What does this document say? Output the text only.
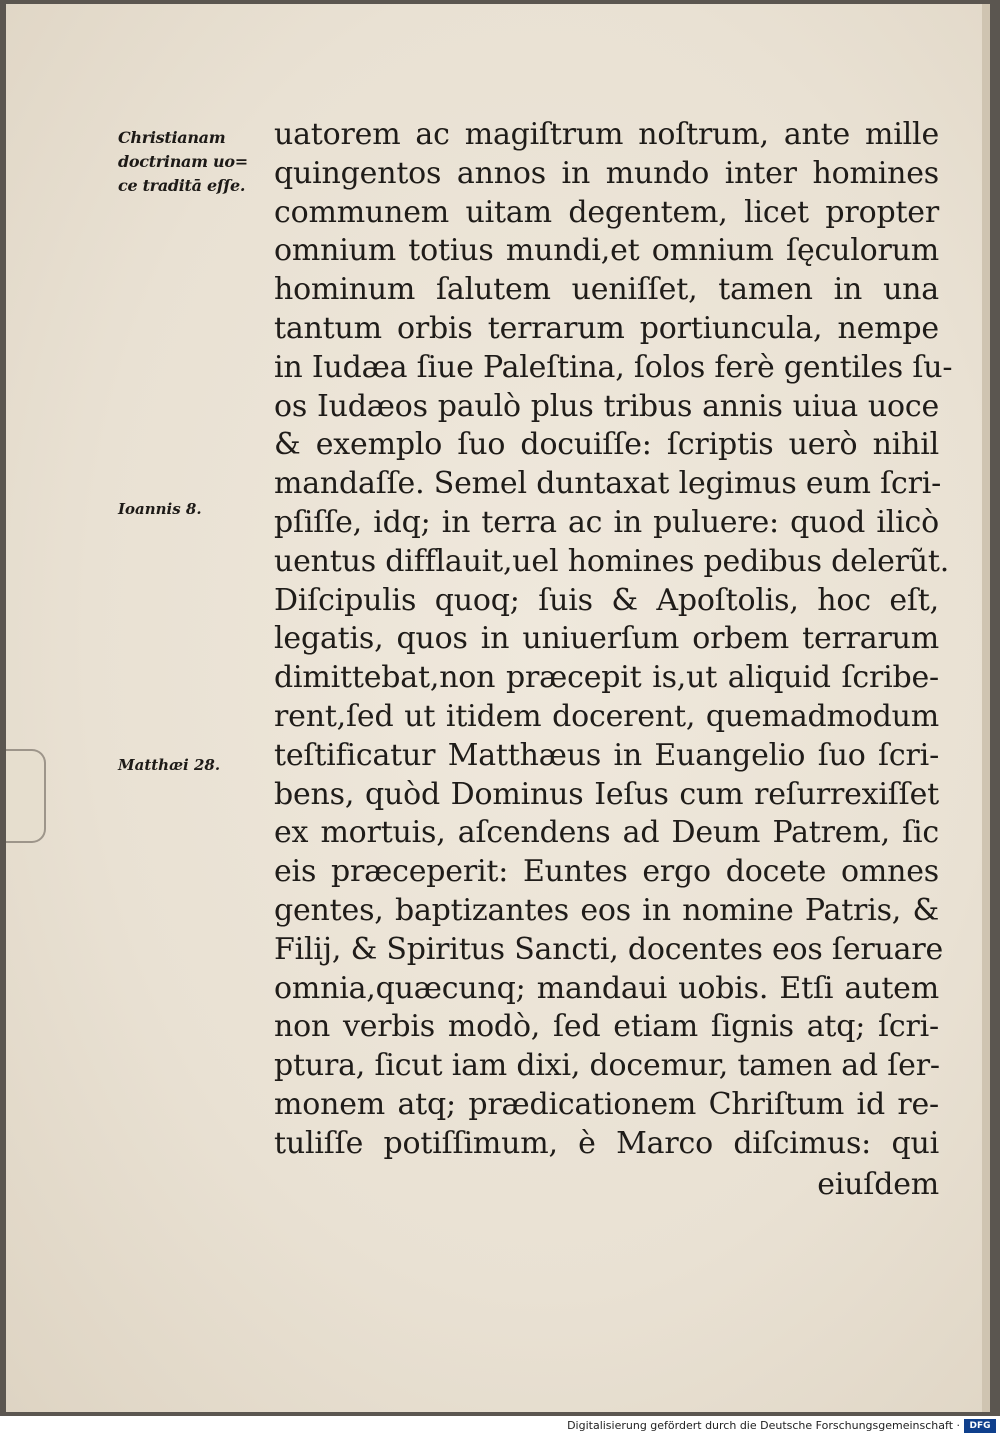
Christianam
doctrinam uo=
ce traditā eſſe.
Ioannis 8.
Matthæi 28.
uatorem ac magiſtrum noſtrum, ante mille
quingentos annos in mundo inter homines
communem uitam degentem, licet propter
omnium totius mundi,et omnium ſęculorum
hominum ſalutem ueniſſet, tamen in una
tantum orbis terrarum portiuncula, nempe
in Iudæa ſiue Paleſtina, ſolos ferè gentiles ſu-
os Iudæos paulò plus tribus annis uiua uoce
& exemplo ſuo docuiſſe: ſcriptis uerò nihil
mandaſſe. Semel duntaxat legimus eum ſcri-
pſiſſe, idq; in terra ac in puluere: quod ilicò
uentus difflauit,uel homines pedibus delerũt.
Diſcipulis quoq; ſuis & Apoſtolis, hoc eſt,
legatis, quos in uniuerſum orbem terrarum
dimittebat,non præcepit is,ut aliquid ſcribe-
rent,ſed ut itidem docerent, quemadmodum
teſtificatur Matthæus in Euangelio ſuo ſcri-
bens, quòd Dominus Ieſus cum reſurrexiſſet
ex mortuis, aſcendens ad Deum Patrem, ſic
eis præceperit: Euntes ergo docete omnes
gentes, baptizantes eos in nomine Patris, &
Filij, & Spiritus Sancti, docentes eos ſeruare
omnia,quæcunq; mandaui uobis. Etſi autem
non verbis modò, ſed etiam ſignis atq; ſcri-
ptura, ſicut iam dixi, docemur, tamen ad ſer-
monem atq; prædicationem Chriſtum id re-
tuliſſe potiſſimum, è Marco diſcimus: qui
eiuſdem
Digitalisierung gefördert durch die Deutsche Forschungsgemeinschaft ·	DFG
